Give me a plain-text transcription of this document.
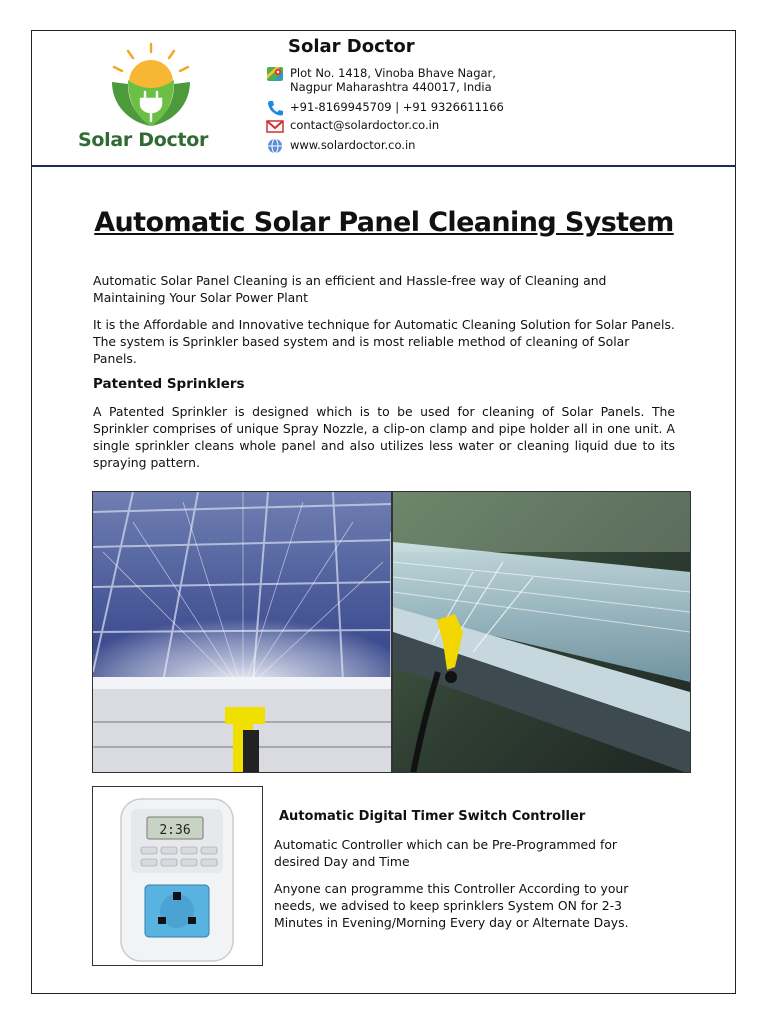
Solar Doctor
Solar Doctor
Plot No. 1418, Vinoba Bhave Nagar,
Nagpur Maharashtra 440017, India
+91-8169945709 | +91 9326611166
contact@solardoctor.co.in
www.solardoctor.co.in
Automatic Solar Panel Cleaning System
Automatic Solar Panel Cleaning is an efficient and Hassle-free way of Cleaning and Maintaining Your Solar Power Plant
It is the Affordable and Innovative technique for Automatic Cleaning Solution for Solar Panels. The system is Sprinkler based system and is most reliable method of cleaning of Solar Panels.
Patented Sprinklers
A Patented Sprinkler is designed which is to be used for cleaning of Solar Panels. The Sprinkler comprises of unique Spray Nozzle, a clip-on clamp and pipe holder all in one unit. A single sprinkler cleans whole panel and also utilizes less water or cleaning liquid due to its spraying pattern.
2:36
Automatic Digital Timer Switch Controller
Automatic Controller which can be Pre-Programmed for desired Day and Time
Anyone can programme this Controller According to your needs, we advised to keep sprinklers System ON for 2-3 Minutes in Evening/Morning Every day or Alternate Days.
